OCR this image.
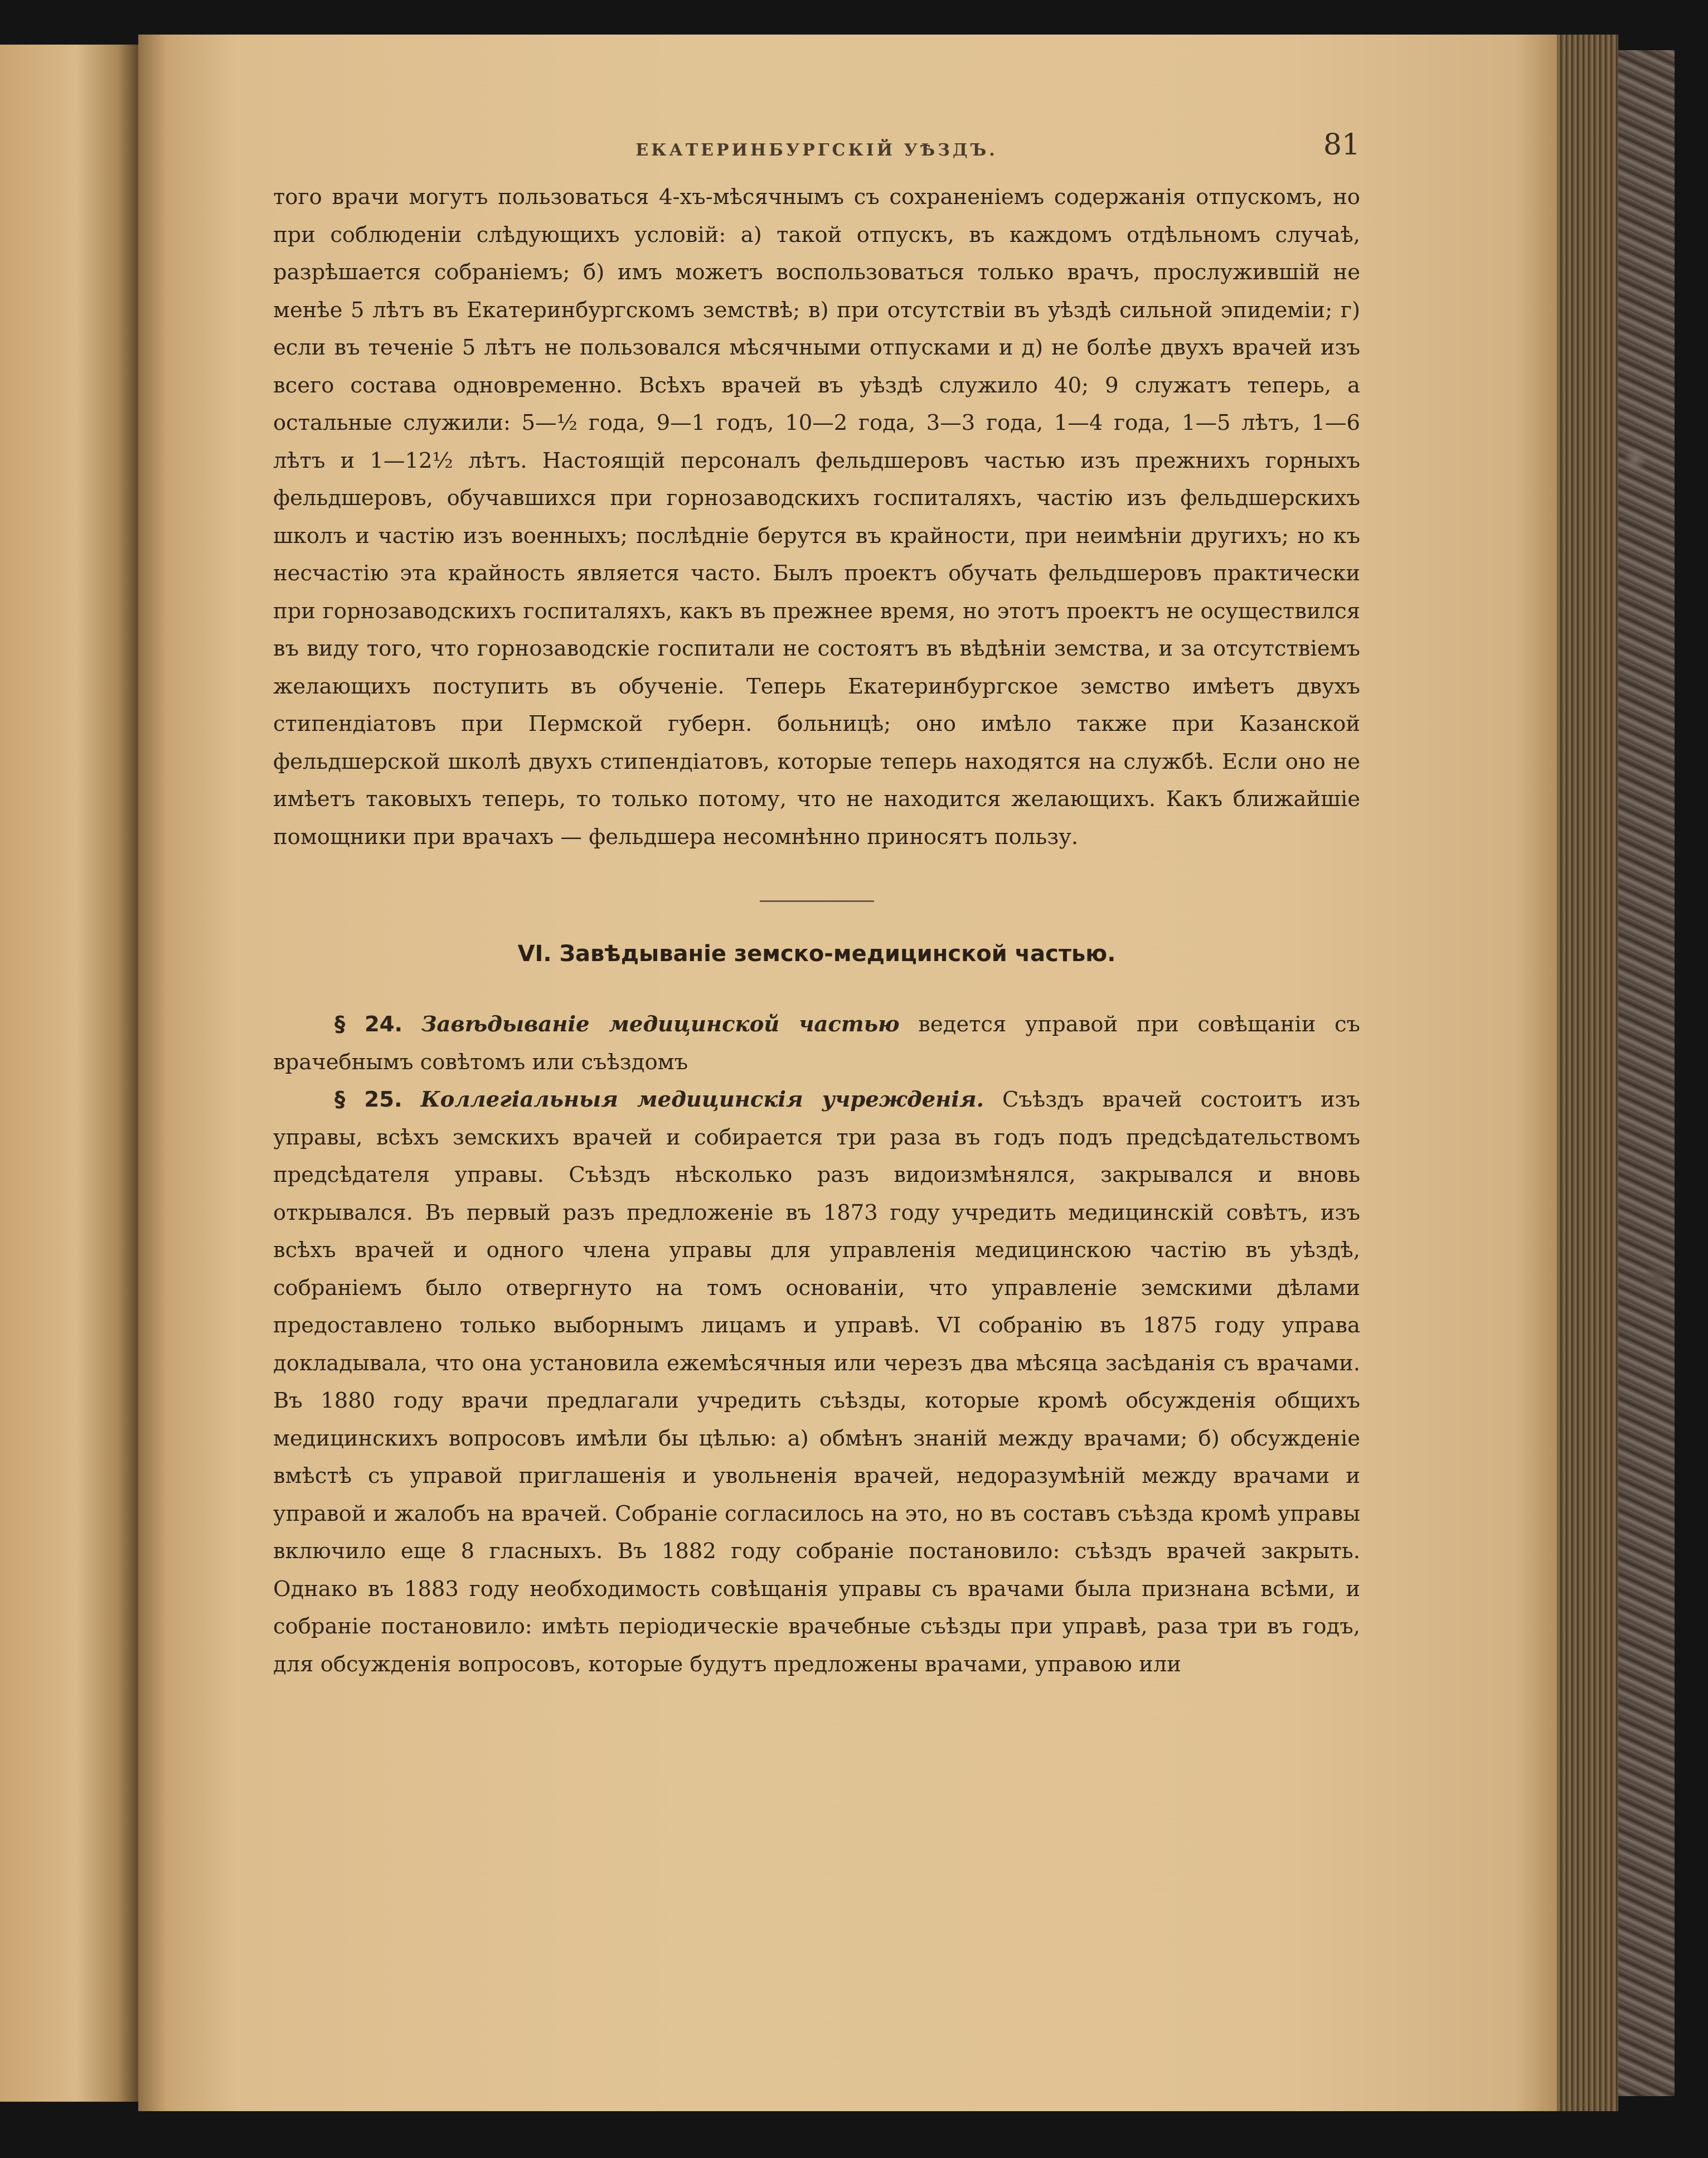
ЕКАТЕРИНБУРГСКІЙ УѢЗДЪ.	81

того врачи могутъ пользоваться 4-хъ-мѣсячнымъ съ сохраненіемъ содержанія отпускомъ, но при соблюденіи слѣдующихъ условій: а) такой отпускъ, въ каждомъ отдѣльномъ случаѣ, разрѣшается собраніемъ; б) имъ можетъ воспользоваться только врачъ, прослужившій не менѣе 5 лѣтъ въ Екатеринбургскомъ земствѣ; в) при отсутствіи въ уѣздѣ сильной эпидеміи; г) если въ теченіе 5 лѣтъ не пользовался мѣсячными отпусками и д) не болѣе двухъ врачей изъ всего состава одновременно. Всѣхъ врачей въ уѣздѣ служило 40; 9 служатъ теперь, а остальные служили: 5—½ года, 9—1 годъ, 10—2 года, 3—3 года, 1—4 года, 1—5 лѣтъ, 1—6 лѣтъ и 1—12½ лѣтъ. Настоящій персоналъ фельдшеровъ частью изъ прежнихъ горныхъ фельдшеровъ, обучавшихся при горнозаводскихъ госпиталяхъ, частію изъ фельдшерскихъ школъ и частію изъ военныхъ; послѣдніе берутся въ крайности, при неимѣніи другихъ; но къ несчастію эта крайность является часто. Былъ проектъ обучать фельдшеровъ практически при горнозаводскихъ госпиталяхъ, какъ въ прежнее время, но этотъ проектъ не осуществился въ виду того, что горнозаводскіе госпитали не состоятъ въ вѣдѣніи земства, и за отсутствіемъ желающихъ поступить въ обученіе. Теперь Екатеринбургское земство имѣетъ двухъ стипендіатовъ при Пермской губерн. больницѣ; оно имѣло также при Казанской фельдшерской школѣ двухъ стипендіатовъ, которые теперь находятся на службѣ. Если оно не имѣетъ таковыхъ теперь, то только потому, что не находится желающихъ. Какъ ближайшіе помощники при врачахъ — фельдшера несомнѣнно приносятъ пользу.

VI. Завѣдываніе земско-медицинской частью.

§ 24. Завѣдываніе медицинской частью ведется управой при совѣщаніи съ врачебнымъ совѣтомъ или съѣздомъ

§ 25. Коллегіальныя медицинскія учрежденія. Съѣздъ врачей состоитъ изъ управы, всѣхъ земскихъ врачей и собирается три раза въ годъ подъ предсѣдательствомъ предсѣдателя управы. Съѣздъ нѣсколько разъ видоизмѣнялся, закрывался и вновь открывался. Въ первый разъ предложеніе въ 1873 году учредить медицинскій совѣтъ, изъ всѣхъ врачей и одного члена управы для управленія медицинскою частію въ уѣздѣ, собраніемъ было отвергнуто на томъ основаніи, что управленіе земскими дѣлами предоставлено только выборнымъ лицамъ и управѣ. VI собранію въ 1875 году управа докладывала, что она установила ежемѣсячныя или черезъ два мѣсяца засѣданія съ врачами. Въ 1880 году врачи предлагали учредить съѣзды, которые кромѣ обсужденія общихъ медицинскихъ вопросовъ имѣли бы цѣлью: а) обмѣнъ знаній между врачами; б) обсужденіе вмѣстѣ съ управой приглашенія и увольненія врачей, недоразумѣній между врачами и управой и жалобъ на врачей. Собраніе согласилось на это, но въ составъ съѣзда кромѣ управы включило еще 8 гласныхъ. Въ 1882 году собраніе постановило: съѣздъ врачей закрыть. Однако въ 1883 году необходимость совѣщанія управы съ врачами была признана всѣми, и собраніе постановило: имѣть періодическіе врачебные съѣзды при управѣ, раза три въ годъ, для обсужденія вопросовъ, которые будутъ предложены врачами, управою или
